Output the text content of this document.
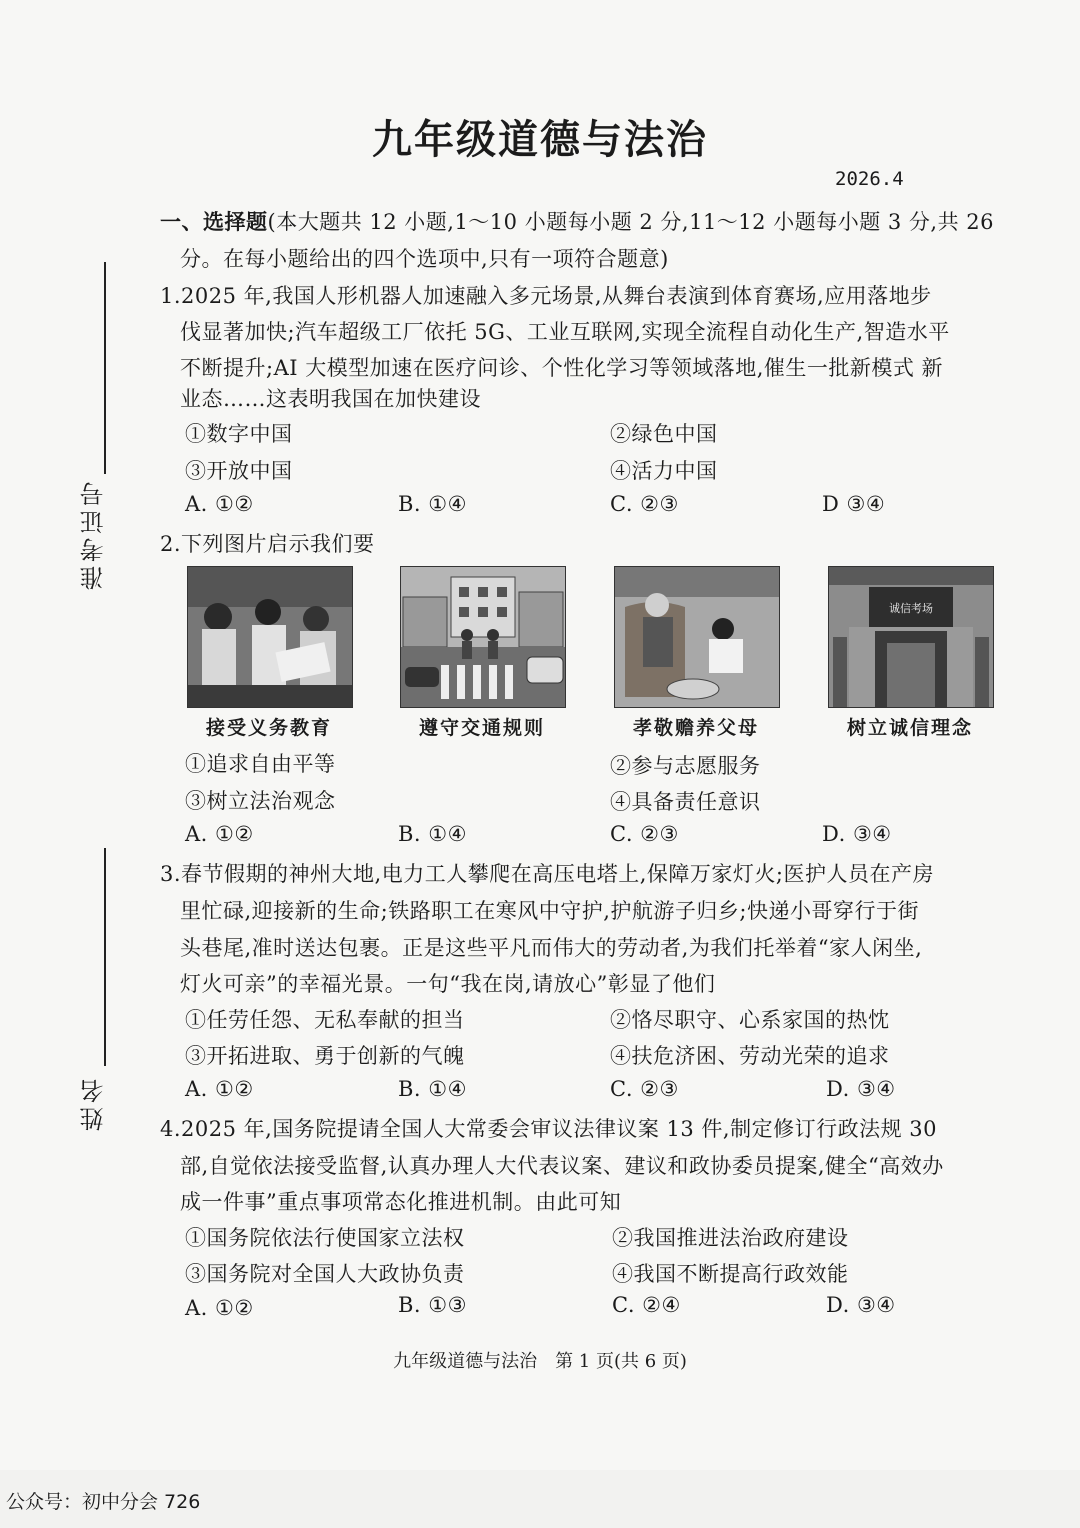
准考证号
姓名
九年级道德与法治
2026.4
一、选择题(本大题共 12 小题,1～10 小题每小题 2 分,11～12 小题每小题 3 分,共 26
分。在每小题给出的四个选项中,只有一项符合题意)
1.2025 年,我国人形机器人加速融入多元场景,从舞台表演到体育赛场,应用落地步
伐显著加快;汽车超级工厂依托 5G、工业互联网,实现全流程自动化生产,智造水平
不断提升;AI 大模型加速在医疗问诊、个性化学习等领域落地,催生一批新模式 新
业态……这表明我国在加快建设
①数字中国	②绿色中国
③开放中国	④活力中国
A. ①②	B. ①④	C. ②③	D ③④
2.下列图片启示我们要
诚信考场
接受义务教育	遵守交通规则	孝敬赡养父母	树立诚信理念
①追求自由平等	②参与志愿服务
③树立法治观念	④具备责任意识
A. ①②	B. ①④	C. ②③	D. ③④
3.春节假期的神州大地,电力工人攀爬在高压电塔上,保障万家灯火;医护人员在产房
里忙碌,迎接新的生命;铁路职工在寒风中守护,护航游子归乡;快递小哥穿行于街
头巷尾,准时送达包裹。正是这些平凡而伟大的劳动者,为我们托举着“家人闲坐,
灯火可亲”的幸福光景。一句“我在岗,请放心”彰显了他们
①任劳任怨、无私奉献的担当	②恪尽职守、心系家国的热忱
③开拓进取、勇于创新的气魄	④扶危济困、劳动光荣的追求
A. ①②	B. ①④	C. ②③	D. ③④
4.2025 年,国务院提请全国人大常委会审议法律议案 13 件,制定修订行政法规 30
部,自觉依法接受监督,认真办理人大代表议案、建议和政协委员提案,健全“高效办
成一件事”重点事项常态化推进机制。由此可知
①国务院依法行使国家立法权	②我国推进法治政府建设
③国务院对全国人大政协负责	④我国不断提高行政效能
A. ①②	B. ①③	C. ②④	D. ③④
九年级道德与法治　第 1 页(共 6 页)
公众号：初中分会 726
